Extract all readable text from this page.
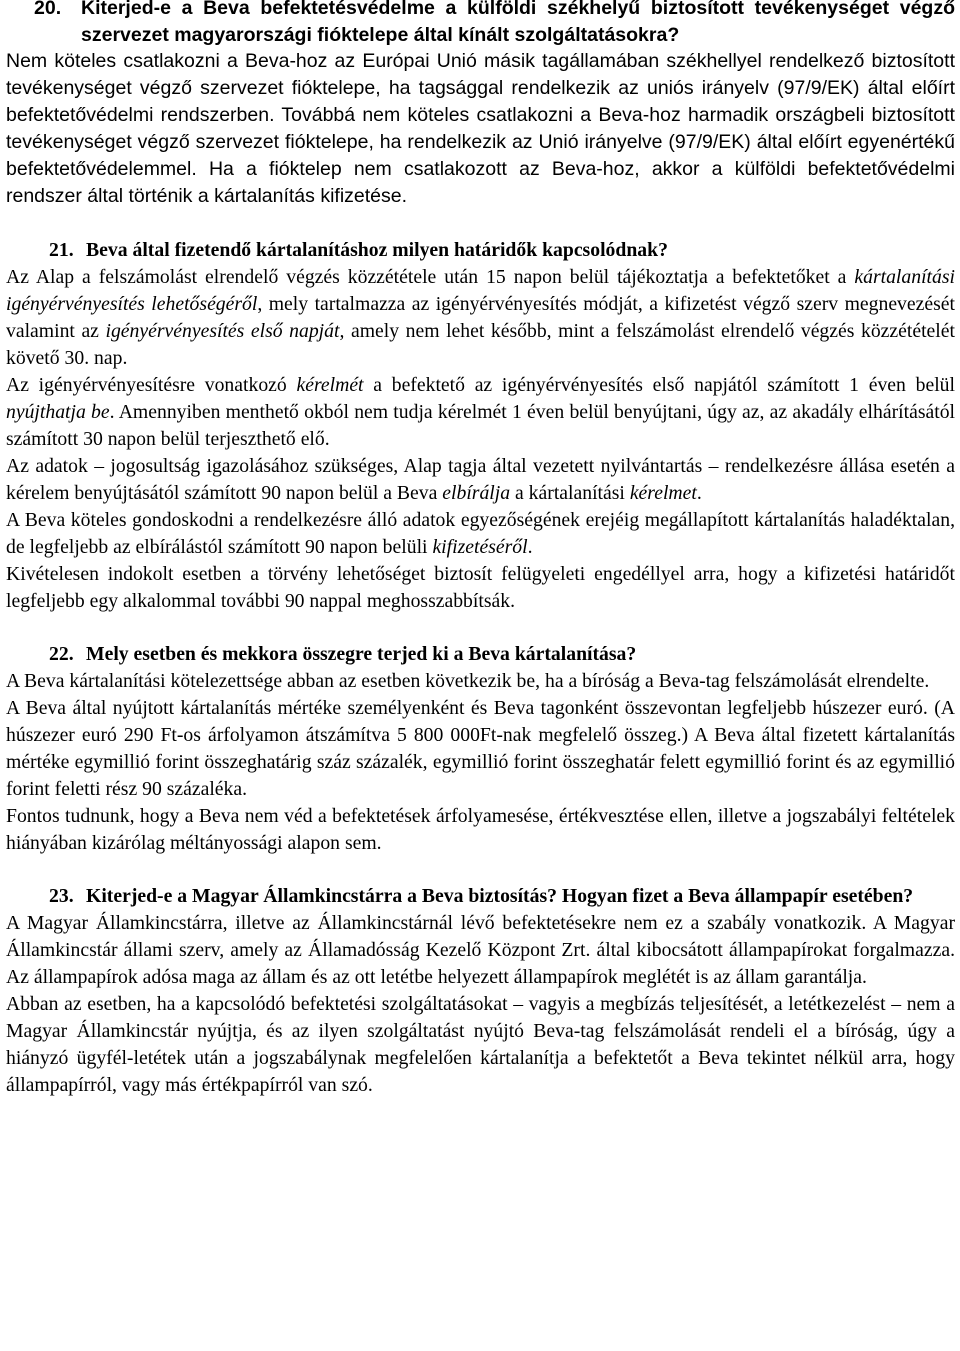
20.	Kiterjed-e a Beva befektetésvédelme a külföldi székhelyű biztosított tevékenységet végző szervezet magyarországi fióktelepe által kínált szolgáltatásokra?

Nem köteles csatlakozni a Beva-hoz az Európai Unió másik tagállamában székhellyel rendelkező biztosított tevékenységet végző szervezet fióktelepe, ha tagsággal rendelkezik az uniós irányelv (97/9/EK) által előírt befektetővédelmi rendszerben. Továbbá nem köteles csatlakozni a Beva-hoz harmadik országbeli biztosított tevékenységet végző szervezet fióktelepe, ha rendelkezik az Unió irányelve (97/9/EK) által előírt egyenértékű befektetővédelemmel. Ha a fióktelep nem csatlakozott az Beva-hoz, akkor a külföldi befektetővédelmi rendszer által történik a kártalanítás kifizetése.

21. Beva által fizetendő kártalanításhoz milyen határidők kapcsolódnak?

Az Alap a felszámolást elrendelő végzés közzététele után 15 napon belül tájékoztatja a befektetőket a kártalanítási igényérvényesítés lehetőségéről, mely tartalmazza az igényérvényesítés módját, a kifizetést végző szerv megnevezését valamint az igényérvényesítés első napját, amely nem lehet később, mint a felszámolást elrendelő végzés közzétételét követő 30. nap.

Az igényérvényesítésre vonatkozó kérelmét a befektető az igényérvényesítés első napjától számított 1 éven belül nyújthatja be. Amennyiben menthető okból nem tudja kérelmét 1 éven belül benyújtani, úgy az, az akadály elhárításától számított 30 napon belül terjeszthető elő.

Az adatok – jogosultság igazolásához szükséges, Alap tagja által vezetett nyilvántartás – rendelkezésre állása esetén a kérelem benyújtásától számított 90 napon belül a Beva elbírálja a kártalanítási kérelmet.

A Beva köteles gondoskodni a rendelkezésre álló adatok egyezőségének erejéig megállapított kártalanítás haladéktalan, de legfeljebb az elbírálástól számított 90 napon belüli kifizetéséről.

Kivételesen indokolt esetben a törvény lehetőséget biztosít felügyeleti engedéllyel arra, hogy a kifizetési határidőt legfeljebb egy alkalommal további 90 nappal meghosszabbítsák.

22. Mely esetben és mekkora összegre terjed ki a Beva kártalanítása?

A Beva kártalanítási kötelezettsége abban az esetben következik be, ha a bíróság a Beva-tag felszámolását elrendelte.

A Beva által nyújtott kártalanítás mértéke személyenként és Beva tagonként összevontan legfeljebb húszezer euró. (A húszezer euró 290 Ft-os árfolyamon átszámítva 5 800 000Ft-nak megfelelő összeg.) A Beva által fizetett kártalanítás mértéke egymillió forint összeghatárig száz százalék, egymillió forint összeghatár felett egymillió forint és az egymillió forint feletti rész 90 százaléka.

Fontos tudnunk, hogy a Beva nem véd a befektetések árfolyamesése, értékvesztése ellen, illetve a jogszabályi feltételek hiányában kizárólag méltányossági alapon sem.

23. Kiterjed-e a Magyar Államkincstárra a Beva biztosítás? Hogyan fizet a Beva állampapír esetében?

A Magyar Államkincstárra, illetve az Államkincstárnál lévő befektetésekre nem ez a szabály vonatkozik. A Magyar Államkincstár állami szerv, amely az Államadósság Kezelő Központ Zrt. által kibocsátott állampapírokat forgalmazza. Az állampapírok adósa maga az állam és az ott letétbe helyezett állampapírok meglétét is az állam garantálja.

Abban az esetben, ha a kapcsolódó befektetési szolgáltatásokat – vagyis a megbízás teljesítését, a letétkezelést – nem a Magyar Államkincstár nyújtja, és az ilyen szolgáltatást nyújtó Beva-tag felszámolását rendeli el a bíróság, úgy a hiányzó ügyfél-letétek után a jogszabálynak megfelelően kártalanítja a befektetőt a Beva tekintet nélkül arra, hogy állampapírról, vagy más értékpapírról van szó.
